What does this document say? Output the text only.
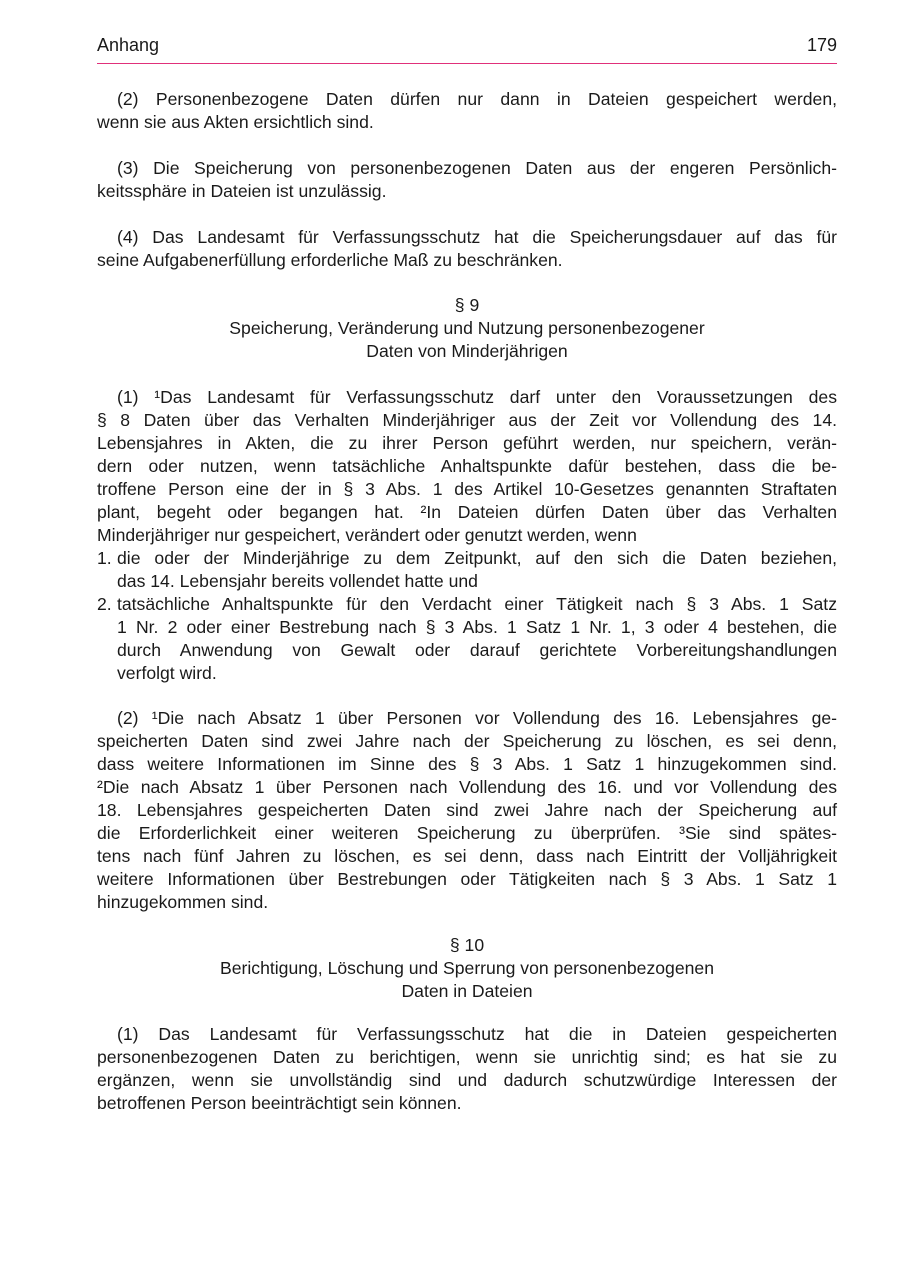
Anhang	179
(2) Personenbezogene Daten dürfen nur dann in Dateien gespeichert werden,
wenn sie aus Akten ersichtlich sind.
(3) Die Speicherung von personenbezogenen Daten aus der engeren Persönlich-
keitssphäre in Dateien ist unzulässig.
(4) Das Landesamt für Verfassungsschutz hat die Speicherungsdauer auf das für
seine Aufgabenerfüllung erforderliche Maß zu beschränken.
§ 9
Speicherung, Veränderung und Nutzung personenbezogener
Daten von Minderjährigen
(1) ¹Das Landesamt für Verfassungsschutz darf unter den Voraussetzungen des
§ 8 Daten über das Verhalten Minderjähriger aus der Zeit vor Vollendung des 14.
Lebensjahres in Akten, die zu ihrer Person geführt werden, nur speichern, verän-
dern oder nutzen, wenn tatsächliche Anhaltspunkte dafür bestehen, dass die be-
troffene Person eine der in § 3 Abs. 1 des Artikel 10-Gesetzes genannten Straftaten
plant, begeht oder begangen hat. ²In Dateien dürfen Daten über das Verhalten
Minderjähriger nur gespeichert, verändert oder genutzt werden, wenn
1. die oder der Minderjährige zu dem Zeitpunkt, auf den sich die Daten beziehen,
das 14. Lebensjahr bereits vollendet hatte und
2. tatsächliche Anhaltspunkte für den Verdacht einer Tätigkeit nach § 3 Abs. 1 Satz
1 Nr. 2 oder einer Bestrebung nach § 3 Abs. 1 Satz 1 Nr. 1, 3 oder 4 bestehen, die
durch Anwendung von Gewalt oder darauf gerichtete Vorbereitungshandlungen
verfolgt wird.
(2) ¹Die nach Absatz 1 über Personen vor Vollendung des 16. Lebensjahres ge-
speicherten Daten sind zwei Jahre nach der Speicherung zu löschen, es sei denn,
dass weitere Informationen im Sinne des § 3 Abs. 1 Satz 1 hinzugekommen sind.
²Die nach Absatz 1 über Personen nach Vollendung des 16. und vor Vollendung des
18. Lebensjahres gespeicherten Daten sind zwei Jahre nach der Speicherung auf
die Erforderlichkeit einer weiteren Speicherung zu überprüfen. ³Sie sind spätes-
tens nach fünf Jahren zu löschen, es sei denn, dass nach Eintritt der Volljährigkeit
weitere Informationen über Bestrebungen oder Tätigkeiten nach § 3 Abs. 1 Satz 1
hinzugekommen sind.
§ 10
Berichtigung, Löschung und Sperrung von personenbezogenen
Daten in Dateien
(1) Das Landesamt für Verfassungsschutz hat die in Dateien gespeicherten
personenbezogenen Daten zu berichtigen, wenn sie unrichtig sind; es hat sie zu
ergänzen, wenn sie unvollständig sind und dadurch schutzwürdige Interessen der
betroffenen Person beeinträchtigt sein können.
